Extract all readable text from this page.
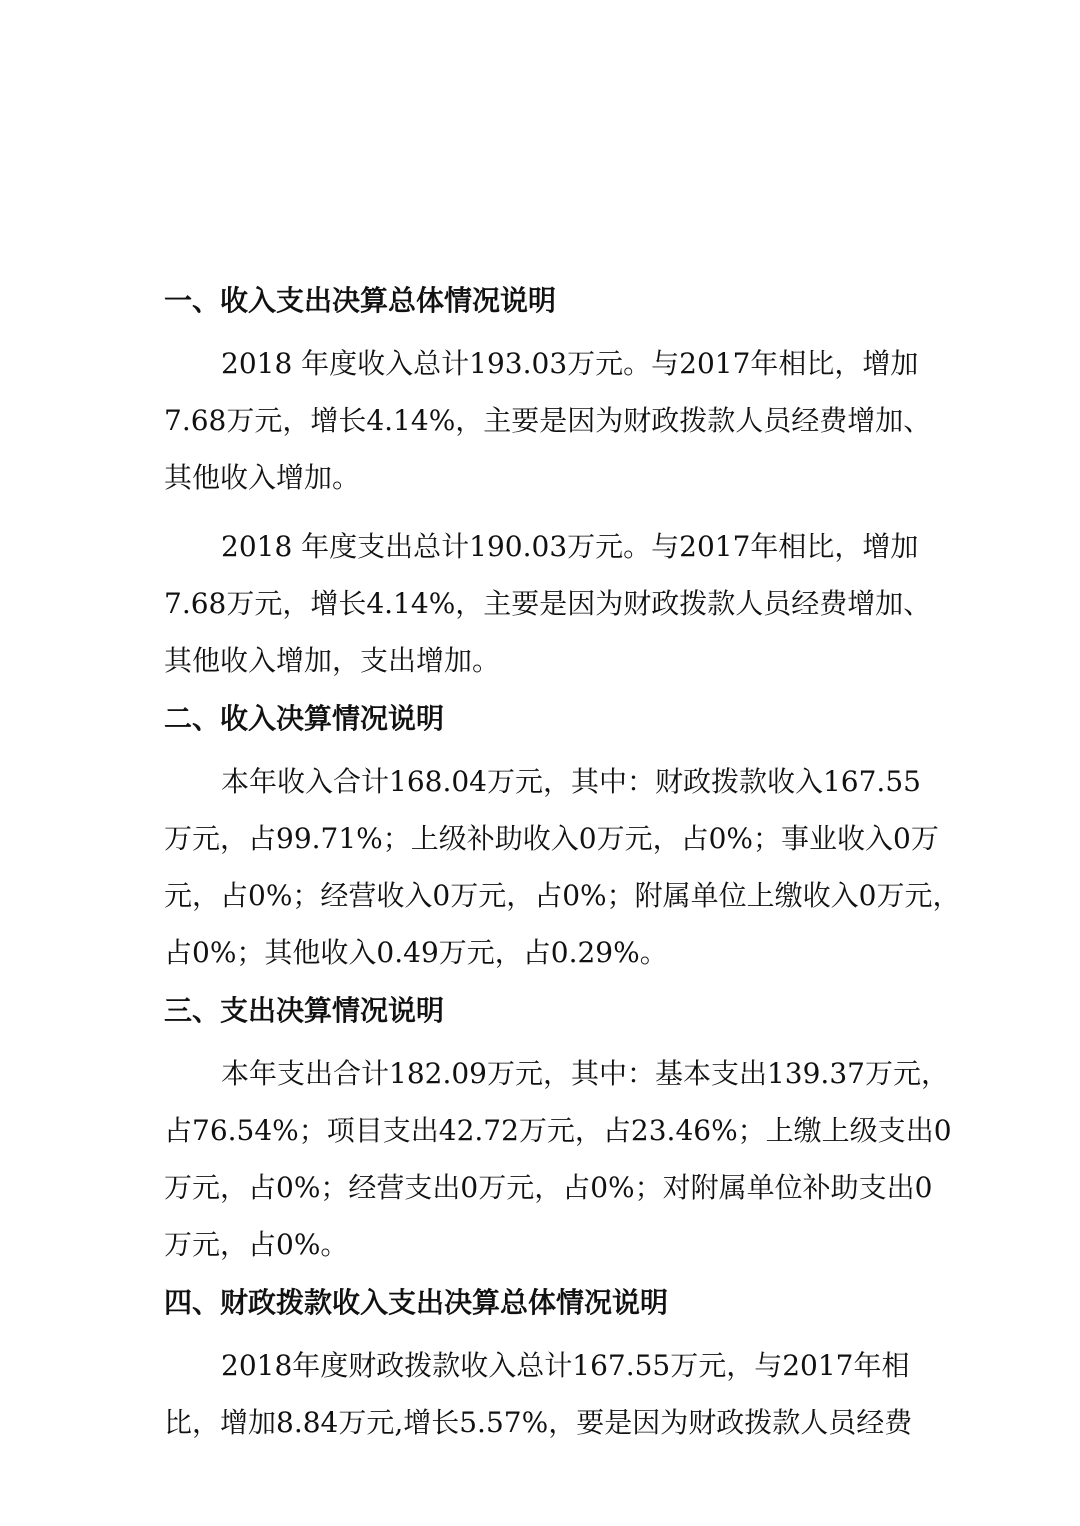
一、收入支出决算总体情况说明
2018 年度收入总计193.03万元。与2017年相比，增加
7.68万元，增长4.14%，主要是因为财政拨款人员经费增加、
其他收入增加。
2018 年度支出总计190.03万元。与2017年相比，增加
7.68万元，增长4.14%，主要是因为财政拨款人员经费增加、
其他收入增加，支出增加。
二、收入决算情况说明
本年收入合计168.04万元，其中：财政拨款收入167.55
万元，占99.71%；上级补助收入0万元，占0%；事业收入0万
元，占0%；经营收入0万元，占0%；附属单位上缴收入0万元，
占0%；其他收入0.49万元，占0.29%。
三、支出决算情况说明
本年支出合计182.09万元，其中：基本支出139.37万元，
占76.54%；项目支出42.72万元，占23.46%；上缴上级支出0
万元，占0%；经营支出0万元，占0%；对附属单位补助支出0
万元，占0%。
四、财政拨款收入支出决算总体情况说明
2018年度财政拨款收入总计167.55万元，与2017年相
比，增加8.84万元,增长5.57%，要是因为财政拨款人员经费
